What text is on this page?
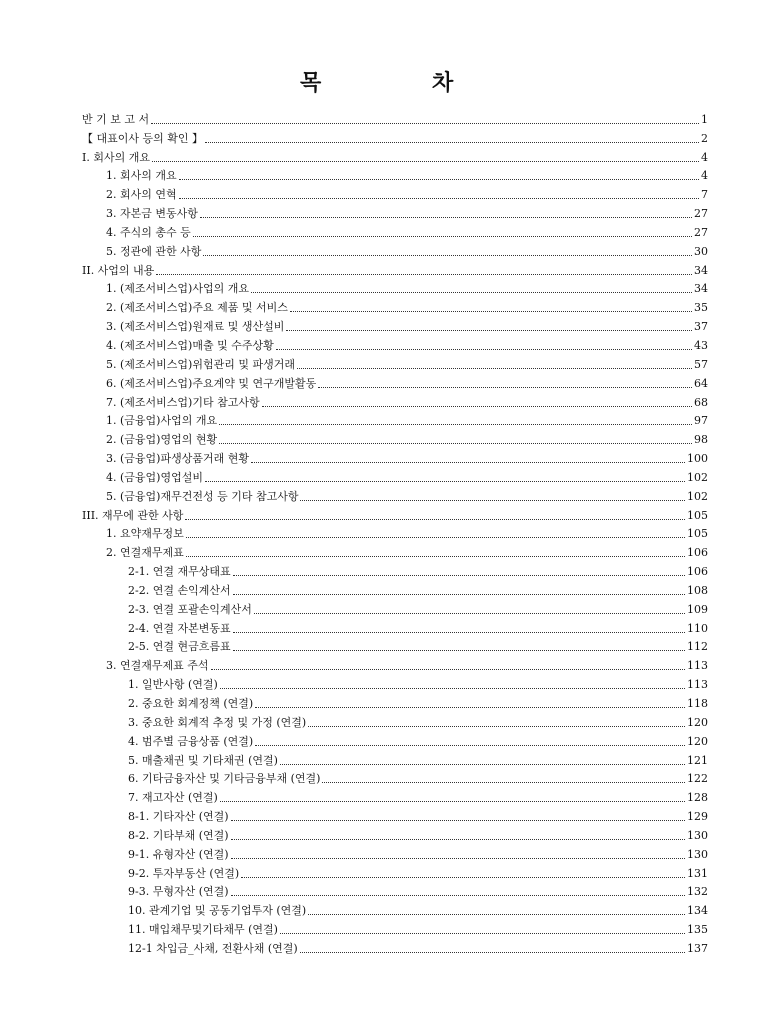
목	차
반 기 보 고 서	1
【 대표이사 등의 확인 】	2
I. 회사의 개요	4
1. 회사의 개요	4
2. 회사의 연혁	7
3. 자본금 변동사항	27
4. 주식의 총수 등	27
5. 정관에 관한 사항	30
II. 사업의 내용	34
1. (제조서비스업)사업의 개요	34
2. (제조서비스업)주요 제품 및 서비스	35
3. (제조서비스업)원재료 및 생산설비	37
4. (제조서비스업)매출 및 수주상황	43
5. (제조서비스업)위험관리 및 파생거래	57
6. (제조서비스업)주요계약 및 연구개발활동	64
7. (제조서비스업)기타 참고사항	68
1. (금융업)사업의 개요	97
2. (금융업)영업의 현황	98
3. (금융업)파생상품거래 현황	100
4. (금융업)영업설비	102
5. (금융업)재무건전성 등 기타 참고사항	102
III. 재무에 관한 사항	105
1. 요약재무정보	105
2. 연결재무제표	106
2-1. 연결 재무상태표	106
2-2. 연결 손익계산서	108
2-3. 연결 포괄손익계산서	109
2-4. 연결 자본변동표	110
2-5. 연결 현금흐름표	112
3. 연결재무제표 주석	113
1. 일반사항 (연결)	113
2. 중요한 회계정책 (연결)	118
3. 중요한 회계적 추정 및 가정 (연결)	120
4. 범주별 금융상품 (연결)	120
5. 매출채권 및 기타채권 (연결)	121
6. 기타금융자산 및 기타금융부채 (연결)	122
7. 재고자산 (연결)	128
8-1. 기타자산 (연결)	129
8-2. 기타부채 (연결)	130
9-1. 유형자산 (연결)	130
9-2. 투자부동산 (연결)	131
9-3. 무형자산 (연결)	132
10. 관계기업 및 공동기업투자 (연결)	134
11. 매입채무및기타채무 (연결)	135
12-1 차입금_사채, 전환사채 (연결)	137
